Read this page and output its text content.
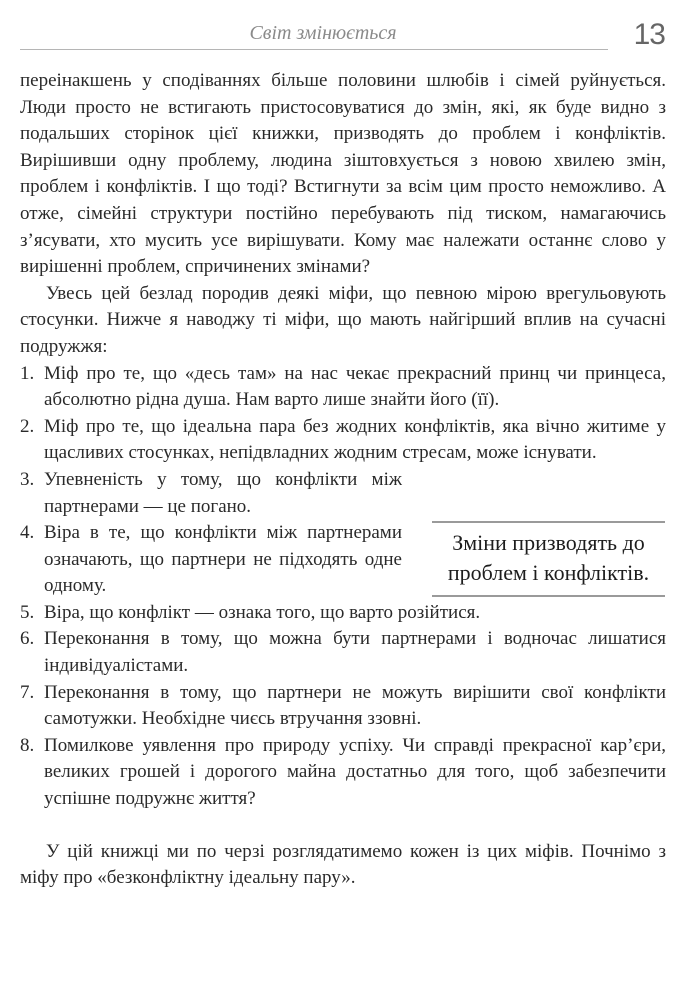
Світ змінюється	13

переінакшень у сподіваннях більше половини шлюбів і сімей руйнується. Люди просто не встигають пристосовуватися до змін, які, як буде видно з подальших сторінок цієї книжки, призводять до проблем і конфліктів. Вирішивши одну проблему, людина зіштовхується з новою хвилею змін, проблем і конфліктів. І що тоді? Встигнути за всім цим просто неможливо. А отже, сімейні структури постійно перебувають під тиском, намагаючись з’ясувати, хто мусить усе вирішувати. Кому має належати останнє слово у вирішенні проблем, спричинених змінами?

Увесь цей безлад породив деякі міфи, що певною мірою врегульовують стосунки. Нижче я наводжу ті міфи, що мають найгірший вплив на сучасні подружжя:

1. Міф про те, що «десь там» на нас чекає прекрасний принц чи принцеса, абсолютно рідна душа. Нам варто лише знайти його (її).
2. Міф про те, що ідеальна пара без жодних конфліктів, яка вічно житиме у щасливих стосунках, непідвладних жодним стресам, може існувати.
3. Упевненість у тому, що конфлікти між партнерами — це погано.
4. Віра в те, що конфлікти між партнерами означають, що партнери не підходять одне одному.
5. Віра, що конфлікт — ознака того, що варто розійтися.
6. Переконання в тому, що можна бути партнерами і водночас лишатися індивідуалістами.
7. Переконання в тому, що партнери не можуть вирішити свої конфлікти самотужки. Необхідне чиєсь втручання ззовні.
8. Помилкове уявлення про природу успіху. Чи справді прекрасної кар’єри, великих грошей і дорогого майна достатньо для того, щоб забезпечити успішне подружнє життя?

У цій книжці ми по черзі розглядатимемо кожен із цих міфів. Почнімо з міфу про «безконфліктну ідеальну пару».

Зміни призводять до проблем і конфліктів.
